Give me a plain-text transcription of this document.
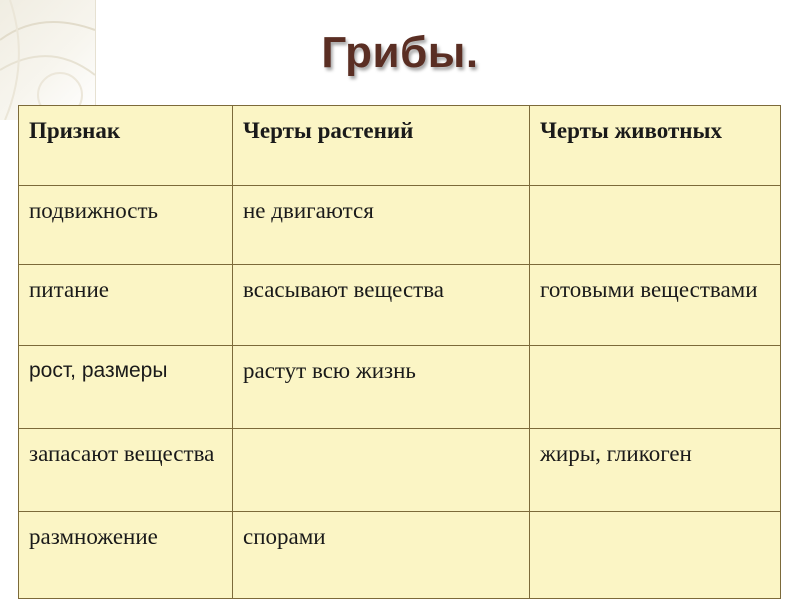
Грибы.
Признак	Черты растений	Черты животных
подвижность	не двигаются	
питание	всасывают вещества	готовыми веществами
рост, размеры	растут всю жизнь	
запасают вещества		жиры, гликоген
размножение	спорами	
